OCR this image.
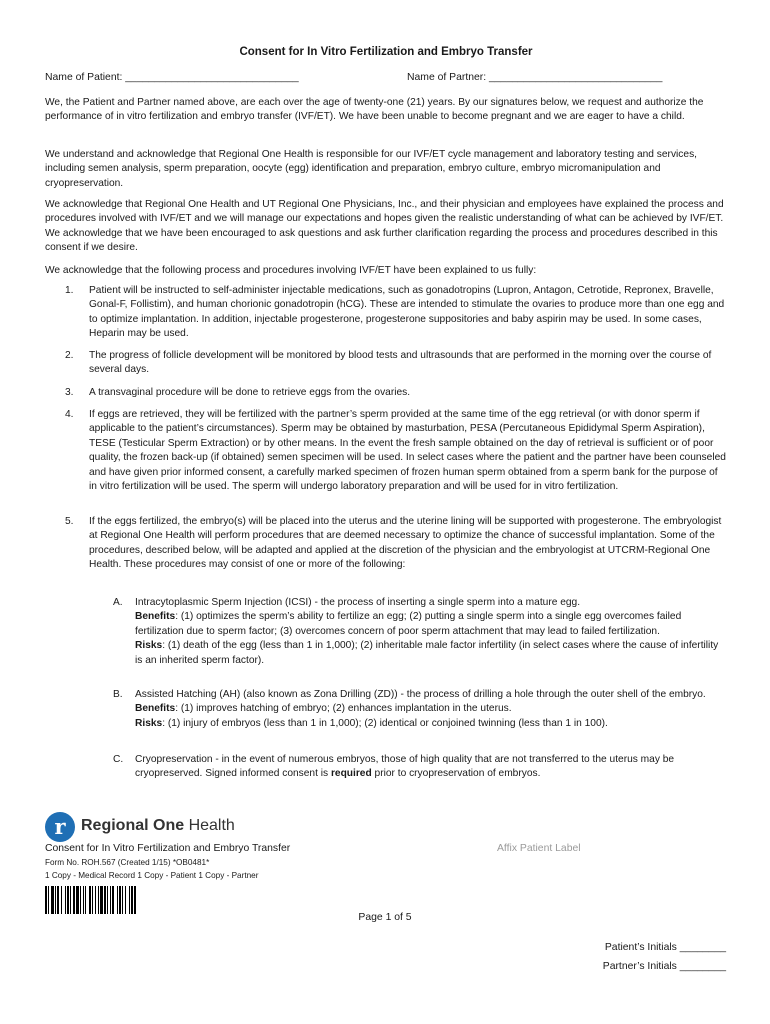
Consent for In Vitro Fertilization and Embryo Transfer
Name of Patient: ______________________________	Name of Partner: ______________________________
We, the Patient and Partner named above, are each over the age of twenty-one (21) years. By our signatures below, we request and authorize the performance of in vitro fertilization and embryo transfer (IVF/ET). We have been unable to become pregnant and we are eager to have a child.
We understand and acknowledge that Regional One Health is responsible for our IVF/ET cycle management and laboratory testing and services, including semen analysis, sperm preparation, oocyte (egg) identification and preparation, embryo culture, embryo micromanipulation and cryopreservation.
We acknowledge that Regional One Health and UT Regional One Physicians, Inc., and their physician and employees have explained the process and procedures involved with IVF/ET and we will manage our expectations and hopes given the realistic understanding of what can be achieved by IVF/ET. We acknowledge that we have been encouraged to ask questions and ask further clarification regarding the process and procedures described in this consent if we desire.
We acknowledge that the following process and procedures involving IVF/ET have been explained to us fully:
1. Patient will be instructed to self-administer injectable medications, such as gonadotropins (Lupron, Antagon, Cetrotide, Repronex, Bravelle, Gonal-F, Follistim), and human chorionic gonadotropin (hCG). These are intended to stimulate the ovaries to produce more than one egg and to optimize implantation. In addition, injectable progesterone, progesterone suppositories and baby aspirin may be used. In some cases, Heparin may be used.
2. The progress of follicle development will be monitored by blood tests and ultrasounds that are performed in the morning over the course of several days.
3. A transvaginal procedure will be done to retrieve eggs from the ovaries.
4. If eggs are retrieved, they will be fertilized with the partner’s sperm provided at the same time of the egg retrieval (or with donor sperm if applicable to the patient’s circumstances). Sperm may be obtained by masturbation, PESA (Percutaneous Epididymal Sperm Aspiration), TESE (Testicular Sperm Extraction) or by other means. In the event the fresh sample obtained on the day of retrieval is sufficient or of poor quality, the frozen back-up (if obtained) semen specimen will be used. In select cases where the patient and the partner have been counseled and have given prior informed consent, a carefully marked specimen of frozen human sperm obtained from a sperm bank for the purpose of in vitro fertilization will be used. The sperm will undergo laboratory preparation and will be used for in vitro fertilization.
5. If the eggs fertilized, the embryo(s) will be placed into the uterus and the uterine lining will be supported with progesterone. The embryologist at Regional One Health will perform procedures that are deemed necessary to optimize the chance of successful implantation. Some of the procedures, described below, will be adapted and applied at the discretion of the physician and the embryologist at UTCRM-Regional One Health. These procedures may consist of one or more of the following:
A. Intracytoplasmic Sperm Injection (ICSI) - the process of inserting a single sperm into a mature egg.
Benefits: (1) optimizes the sperm’s ability to fertilize an egg; (2) putting a single sperm into a single egg overcomes failed fertilization due to sperm factor; (3) overcomes concern of poor sperm attachment that may lead to failed fertilization.
Risks: (1) death of the egg (less than 1 in 1,000); (2) inheritable male factor infertility (in select cases where the cause of infertility is an inherited sperm factor).
B. Assisted Hatching (AH) (also known as Zona Drilling (ZD)) - the process of drilling a hole through the outer shell of the embryo.
Benefits: (1) improves hatching of embryo; (2) enhances implantation in the uterus.
Risks: (1) injury of embryos (less than 1 in 1,000); (2) identical or conjoined twinning (less than 1 in 100).
C. Cryopreservation - in the event of numerous embryos, those of high quality that are not transferred to the uterus may be cryopreserved. Signed informed consent is required prior to cryopreservation of embryos.
r Regional One Health
Consent for In Vitro Fertilization and Embryo Transfer	Affix Patient Label
Form No. ROH.567 (Created 1/15) *OB0481*
1 Copy - Medical Record 1 Copy - Patient 1 Copy - Partner
Page 1 of 5
Patient’s Initials ________
Partner’s Initials ________
